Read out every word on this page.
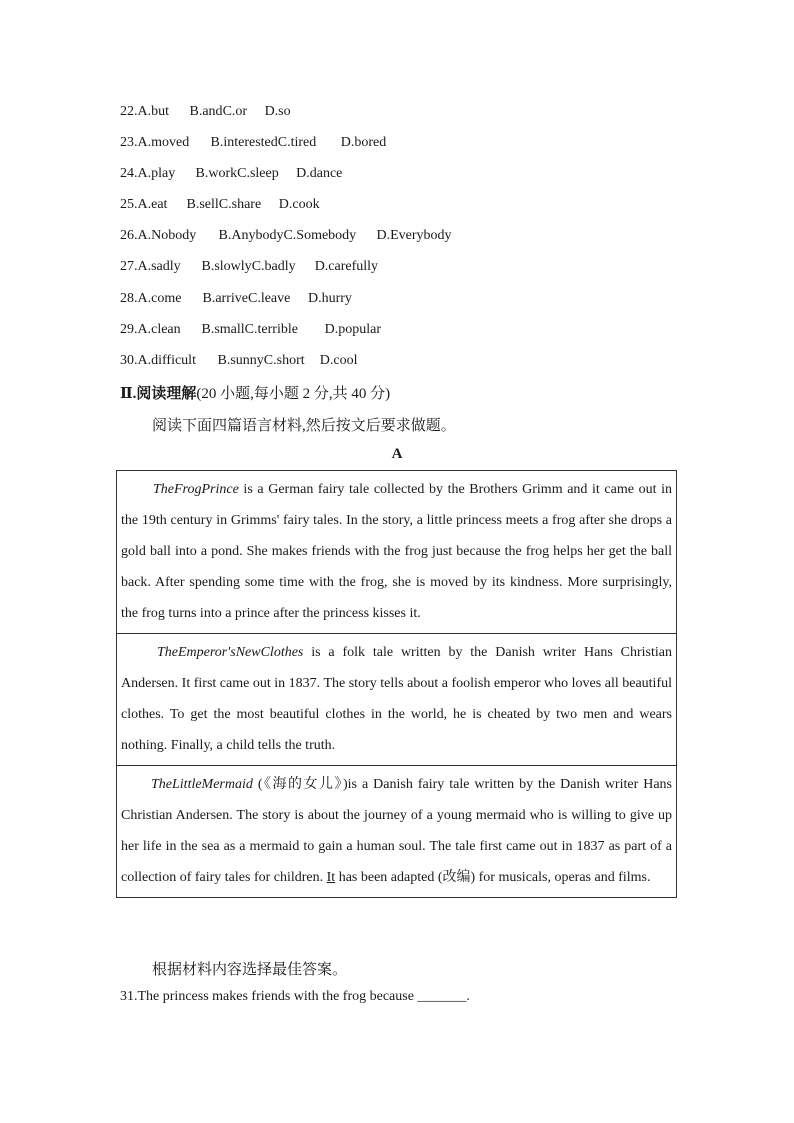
22.A.but B.andC.or D.so
23.A.moved B.interestedC.tired D.bored
24.A.play B.workC.sleep D.dance
25.A.eat B.sellC.share D.cook
26.A.Nobody B.AnybodyC.Somebody D.Everybody
27.A.sadly B.slowlyC.badly D.carefully
28.A.come B.arriveC.leave D.hurry
29.A.clean B.smallC.terrible D.popular
30.A.difficult B.sunnyC.short D.cool
Ⅱ.阅读理解(20 小题,每小题 2 分,共 40 分)
阅读下面四篇语言材料,然后按文后要求做题。
A
TheFrogPrince is a German fairy tale collected by the Brothers Grimm and it came out in the 19th century in Grimms' fairy tales. In the story, a little princess meets a frog after she drops a gold ball into a pond. She makes friends with the frog just because the frog helps her get the ball back. After spending some time with the frog, she is moved by its kindness. More surprisingly, the frog turns into a prince after the princess kisses it.
TheEmperor'sNewClothes is a folk tale written by the Danish writer Hans Christian Andersen. It first came out in 1837. The story tells about a foolish emperor who loves all beautiful clothes. To get the most beautiful clothes in the world, he is cheated by two men and wears nothing. Finally, a child tells the truth.
TheLittleMermaid (《海的女儿》)is a Danish fairy tale written by the Danish writer Hans Christian Andersen. The story is about the journey of a young mermaid who is willing to give up her life in the sea as a mermaid to gain a human soul. The tale first came out in 1837 as part of a collection of fairy tales for children. It has been adapted (改编) for musicals, operas and films.
根据材料内容选择最佳答案。
31.The princess makes friends with the frog because _______.
